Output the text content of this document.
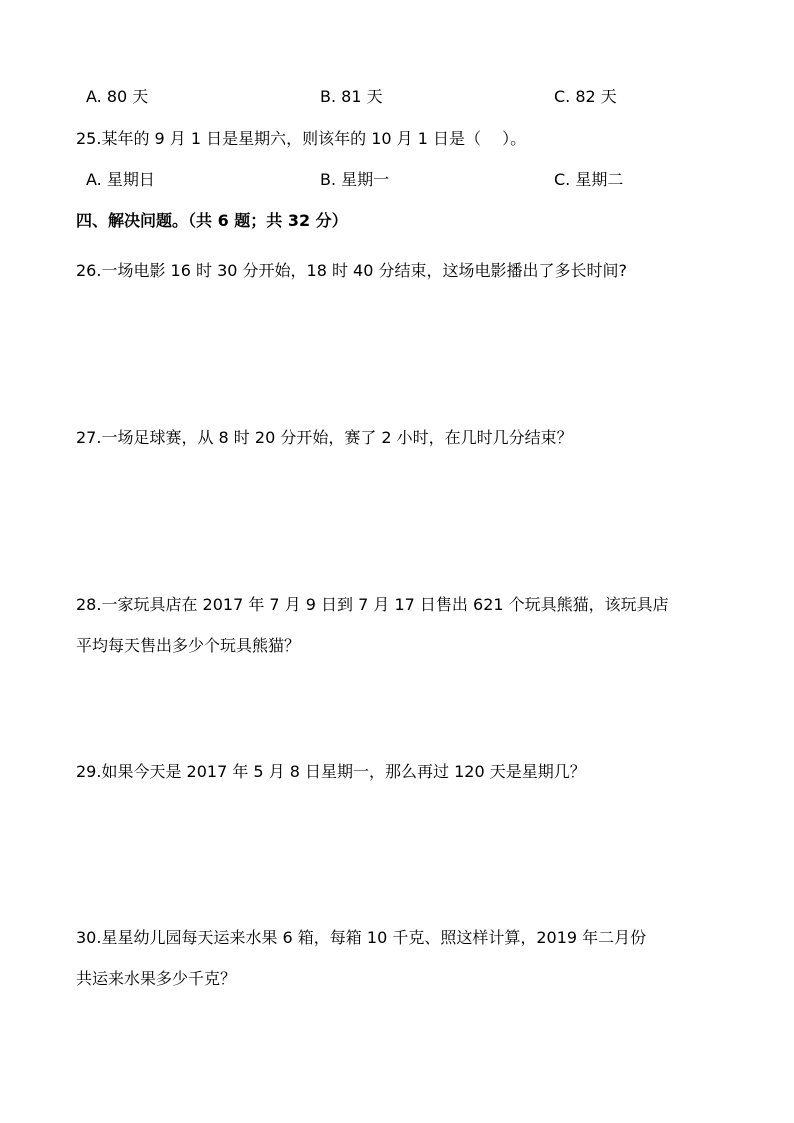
A. 80 天	B. 81 天	C. 82 天
25.某年的 9 月 1 日是星期六，则该年的 10 月 1 日是（　 ）。
A. 星期日	B. 星期一	C. 星期二
四、解决问题。（共 6 题；共 32 分）
26.一场电影 16 时 30 分开始，18 时 40 分结束，这场电影播出了多长时间?
27.一场足球赛，从 8 时 20 分开始，赛了 2 小时，在几时几分结束？
28.一家玩具店在 2017 年 7 月 9 日到 7 月 17 日售出 621 个玩具熊猫，该玩具店
平均每天售出多少个玩具熊猫？
29.如果今天是 2017 年 5 月 8 日星期一，那么再过 120 天是星期几？
30.星星幼儿园每天运来水果 6 箱，每箱 10 千克、照这样计算，2019 年二月份
共运来水果多少千克？
